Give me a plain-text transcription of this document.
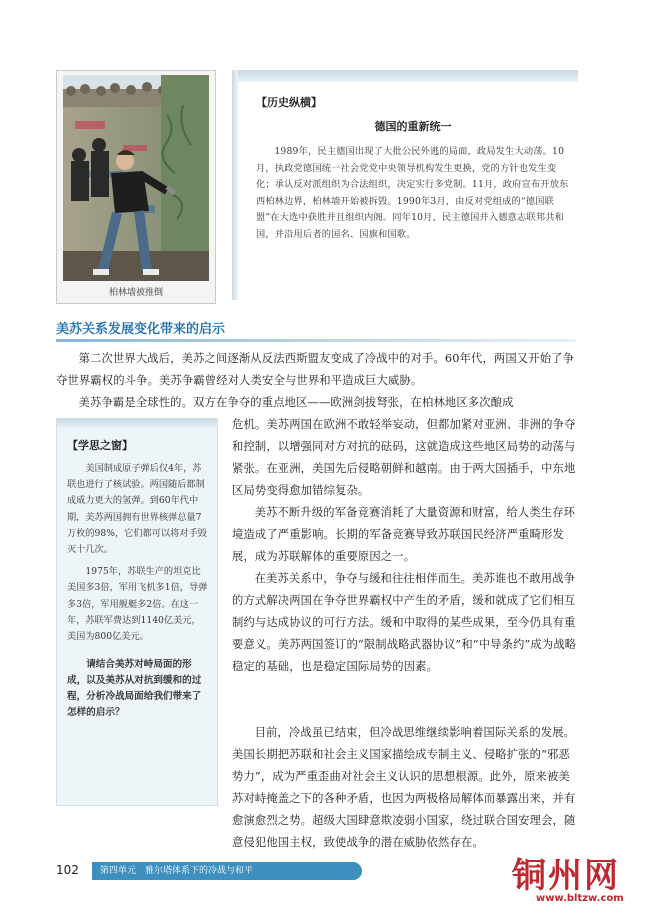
柏林墙被推倒
【历史纵横】
德国的重新统一
1989年，民主德国出现了大批公民外逃的局面，政局发生大动荡。10月，执政党德国统一社会党党中央领导机构发生更换，党的方针也发生变化；承认反对派组织为合法组织，决定实行多党制。11月，政府宣布开放东西柏林边界，柏林墙开始被拆毁。1990年3月，由反对党组成的“德国联盟”在大选中获胜并且组织内阁。同年10月，民主德国并入德意志联邦共和国，并沿用后者的国名、国旗和国歌。
美苏关系发展变化带来的启示
第二次世界大战后，美苏之间逐渐从反法西斯盟友变成了冷战中的对手。60年代，两国又开始了争夺世界霸权的斗争。美苏争霸曾经对人类安全与世界和平造成巨大威胁。
美苏争霸是全球性的。双方在争夺的重点地区——欧洲剑拔弩张，在柏林地区多次酿成
危机。美苏两国在欧洲不敢轻举妄动，但都加紧对亚洲、非洲的争夺和控制，以增强同对方对抗的砝码，这就造成这些地区局势的动荡与紧张。在亚洲，美国先后侵略朝鲜和越南。由于两大国插手，中东地区局势变得愈加错综复杂。
美苏不断升级的军备竞赛消耗了大量资源和财富，给人类生存环境造成了严重影响。长期的军备竞赛导致苏联国民经济严重畸形发展，成为苏联解体的重要原因之一。
在美苏关系中，争夺与缓和往往相伴而生。美苏谁也不敢用战争的方式解决两国在争夺世界霸权中产生的矛盾，缓和就成了它们相互制约与达成协议的可行方法。缓和中取得的某些成果，至今仍具有重要意义。美苏两国签订的“限制战略武器协议”和“中导条约”成为战略稳定的基础，也是稳定国际局势的因素。
目前，冷战虽已结束，但冷战思维继续影响着国际关系的发展。美国长期把苏联和社会主义国家描绘成专制主义、侵略扩张的“邪恶势力”，成为严重歪曲对社会主义认识的思想根源。此外，原来被美苏对峙掩盖之下的各种矛盾，也因为两极格局解体而暴露出来，并有愈演愈烈之势。超级大国肆意欺凌弱小国家，绕过联合国安理会，随意侵犯他国主权，致使战争的潜在威胁依然存在。
【学思之窗】
美国制成原子弹后仅4年，苏联也进行了核试验。两国随后都制成威力更大的氢弹。到60年代中期，美苏两国拥有世界核弹总量7万枚的98%，它们都可以将对手毁灭十几次。
1975年，苏联生产的坦克比美国多3倍，军用飞机多1倍，导弹多3倍，军用舰艇多2倍。在这一年，苏联军费达到1140亿美元，美国为800亿美元。
请结合美苏对峙局面的形成，以及美苏从对抗到缓和的过程，分析冷战局面给我们带来了怎样的启示？
102 第四单元　雅尔塔体系下的冷战与和平	铜州网
www.bltzw.com
